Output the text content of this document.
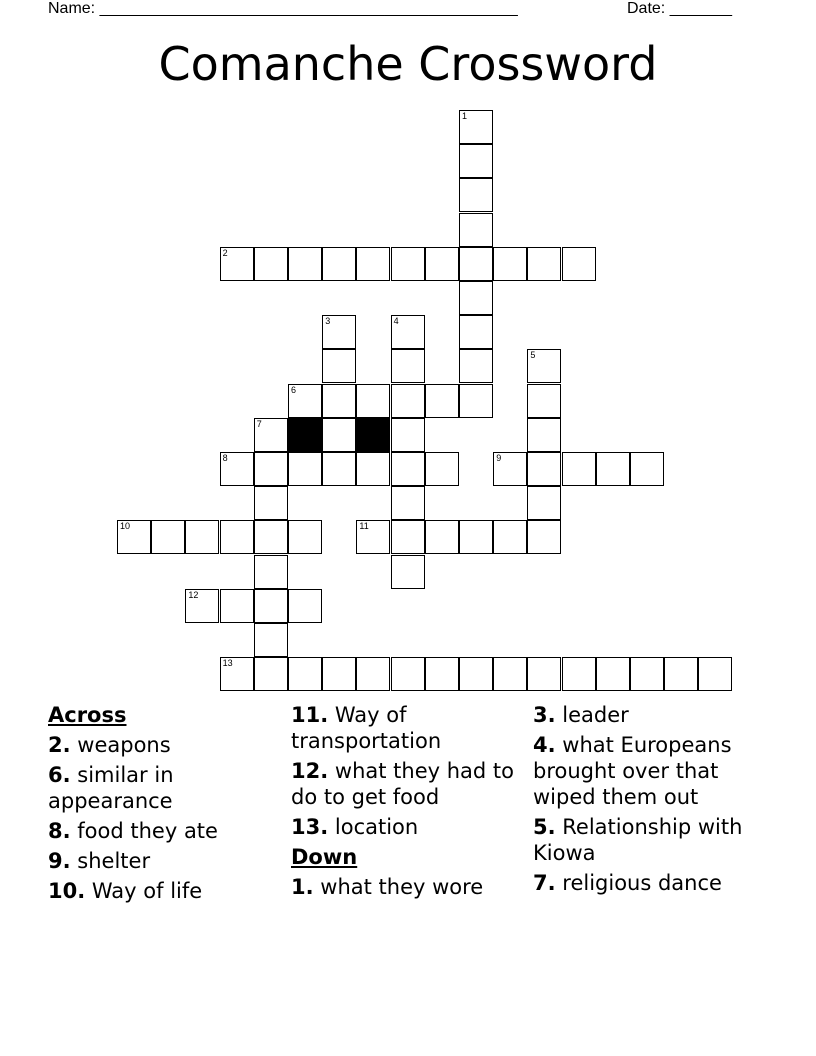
Name: _______________________________________________	Date: _______
Comanche Crossword
1
2
3	4
5
6
7
8	9
10	11
12
13
Across
2. weapons
6. similar in appearance
8. food they ate
9. shelter
10. Way of life
11. Way of transportation
12. what they had to do to get food
13. location
Down
1. what they wore
3. leader
4. what Europeans brought over that wiped them out
5. Relationship with Kiowa
7. religious dance
